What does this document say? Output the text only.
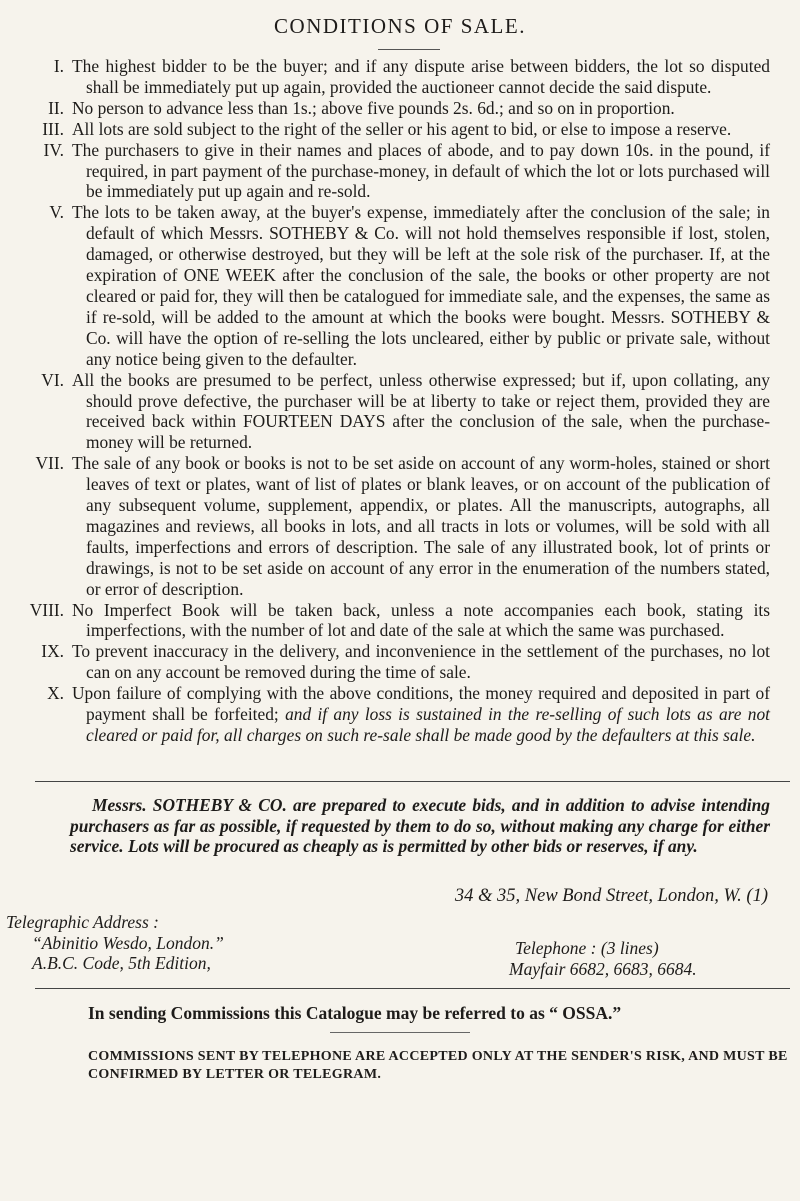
CONDITIONS OF SALE.
I. The highest bidder to be the buyer; and if any dispute arise between bidders, the lot so disputed shall be immediately put up again, provided the auctioneer cannot decide the said dispute.
II. No person to advance less than 1s.; above five pounds 2s. 6d.; and so on in proportion.
III. All lots are sold subject to the right of the seller or his agent to bid, or else to impose a reserve.
IV. The purchasers to give in their names and places of abode, and to pay down 10s. in the pound, if required, in part payment of the purchase-money, in default of which the lot or lots purchased will be immediately put up again and re-sold.
V. The lots to be taken away, at the buyer's expense, immediately after the conclusion of the sale; in default of which Messrs. SOTHEBY & Co. will not hold themselves responsible if lost, stolen, damaged, or otherwise destroyed, but they will be left at the sole risk of the purchaser. If, at the expiration of ONE WEEK after the conclusion of the sale, the books or other property are not cleared or paid for, they will then be catalogued for immediate sale, and the expenses, the same as if re-sold, will be added to the amount at which the books were bought. Messrs. SOTHEBY & Co. will have the option of re-selling the lots uncleared, either by public or private sale, without any notice being given to the defaulter.
VI. All the books are presumed to be perfect, unless otherwise expressed; but if, upon collating, any should prove defective, the purchaser will be at liberty to take or reject them, provided they are received back within FOURTEEN DAYS after the conclusion of the sale, when the purchase-money will be returned.
VII. The sale of any book or books is not to be set aside on account of any worm-holes, stained or short leaves of text or plates, want of list of plates or blank leaves, or on account of the publication of any subsequent volume, supplement, appendix, or plates. All the manuscripts, autographs, all magazines and reviews, all books in lots, and all tracts in lots or volumes, will be sold with all faults, imperfections and errors of description. The sale of any illustrated book, lot of prints or drawings, is not to be set aside on account of any error in the enumeration of the numbers stated, or error of description.
VIII. No Imperfect Book will be taken back, unless a note accompanies each book, stating its imperfections, with the number of lot and date of the sale at which the same was purchased.
IX. To prevent inaccuracy in the delivery, and inconvenience in the settlement of the purchases, no lot can on any account be removed during the time of sale.
X. Upon failure of complying with the above conditions, the money required and deposited in part of payment shall be forfeited; and if any loss is sustained in the re-selling of such lots as are not cleared or paid for, all charges on such re-sale shall be made good by the defaulters at this sale.
Messrs. SOTHEBY & CO. are prepared to execute bids, and in addition to advise intending purchasers as far as possible, if requested by them to do so, without making any charge for either service. Lots will be procured as cheaply as is permitted by other bids or reserves, if any.
34 & 35, New Bond Street, London, W. (1)
Telegraphic Address :
“Abinitio Wesdo, London.”
A.B.C. Code, 5th Edition,
Telephone : (3 lines)
Mayfair 6682, 6683, 6684.
In sending Commissions this Catalogue may be referred to as “ OSSA.”
COMMISSIONS SENT BY TELEPHONE ARE ACCEPTED ONLY AT THE SENDER'S RISK, AND MUST BE CONFIRMED BY LETTER OR TELEGRAM.
